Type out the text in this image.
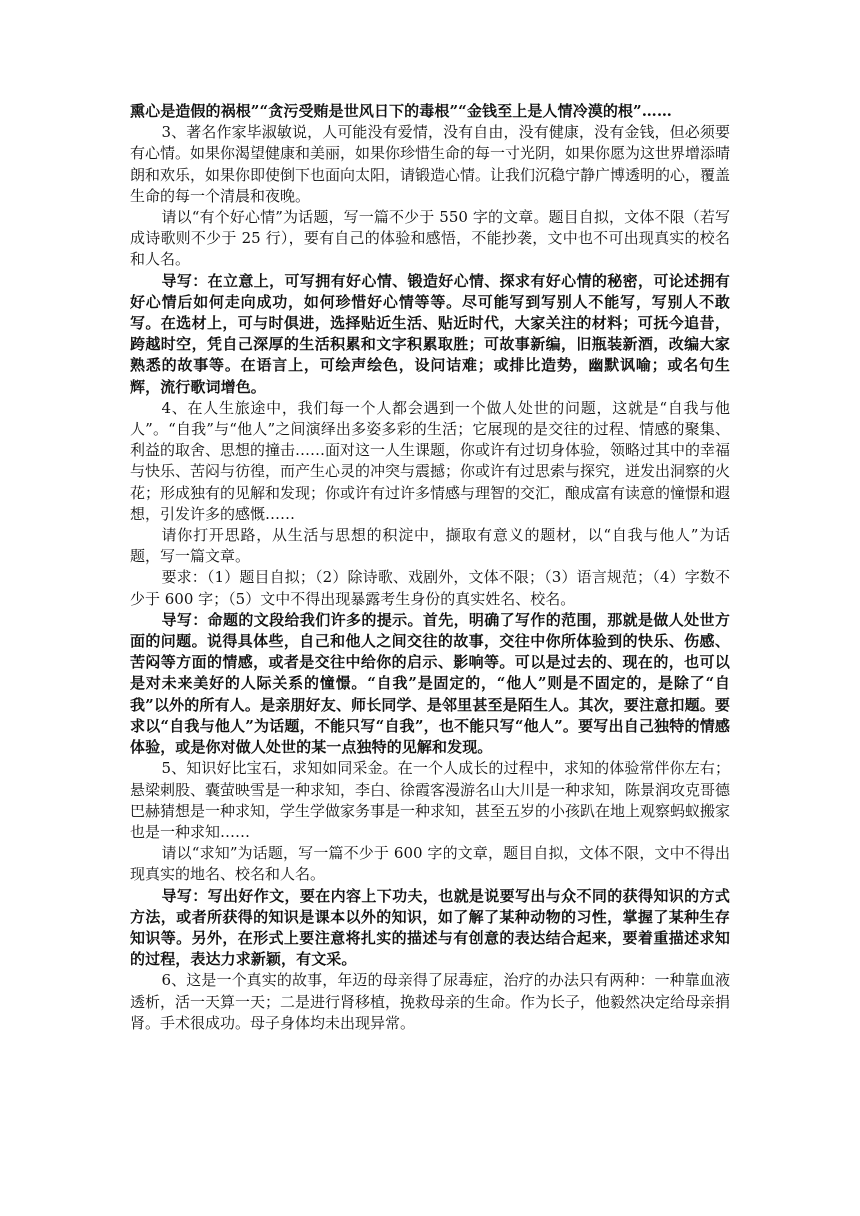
熏心是造假的祸根”“贪污受贿是世风日下的毒根”“金钱至上是人情冷漠的根”……

3、著名作家毕淑敏说，人可能没有爱情，没有自由，没有健康，没有金钱，但必须要有心情。如果你渴望健康和美丽，如果你珍惜生命的每一寸光阴，如果你愿为这世界增添晴朗和欢乐，如果你即使倒下也面向太阳，请锻造心情。让我们沉稳宁静广博透明的心，覆盖生命的每一个清晨和夜晚。

请以“有个好心情”为话题，写一篇不少于 550 字的文章。题目自拟，文体不限（若写成诗歌则不少于 25 行），要有自己的体验和感悟，不能抄袭，文中也不可出现真实的校名和人名。

导写：在立意上，可写拥有好心情、锻造好心情、探求有好心情的秘密，可论述拥有好心情后如何走向成功，如何珍惜好心情等等。尽可能写到写别人不能写，写别人不敢写。在选材上，可与时俱进，选择贴近生活、贴近时代，大家关注的材料；可抚今追昔，跨越时空，凭自己深厚的生活积累和文字积累取胜；可故事新编，旧瓶装新酒，改编大家熟悉的故事等。在语言上，可绘声绘色，设问诘难；或排比造势，幽默讽喻；或名句生辉，流行歌词增色。

4、在人生旅途中，我们每一个人都会遇到一个做人处世的问题，这就是“自我与他人”。“自我”与“他人”之间演绎出多姿多彩的生活；它展现的是交往的过程、情感的聚集、利益的取舍、思想的撞击……面对这一人生课题，你或许有过切身体验，领略过其中的幸福与快乐、苦闷与彷徨，而产生心灵的冲突与震撼；你或许有过思索与探究，迸发出洞察的火花；形成独有的见解和发现；你或许有过许多情感与理智的交汇，酿成富有读意的憧憬和遐想，引发许多的感慨……

请你打开思路，从生活与思想的积淀中，撷取有意义的题材，以“自我与他人”为话题，写一篇文章。

要求：（1）题目自拟；（2）除诗歌、戏剧外，文体不限；（3）语言规范；（4）字数不少于 600 字；（5）文中不得出现暴露考生身份的真实姓名、校名。

导写：命题的文段给我们许多的提示。首先，明确了写作的范围，那就是做人处世方面的问题。说得具体些，自己和他人之间交往的故事，交往中你所体验到的快乐、伤感、苦闷等方面的情感，或者是交往中给你的启示、影响等。可以是过去的、现在的，也可以是对未来美好的人际关系的憧憬。“自我”是固定的，“他人”则是不固定的，是除了“自我”以外的所有人。是亲朋好友、师长同学、是邻里甚至是陌生人。其次，要注意扣题。要求以“自我与他人”为话题，不能只写“自我”，也不能只写“他人”。要写出自己独特的情感体验，或是你对做人处世的某一点独特的见解和发现。

5、知识好比宝石，求知如同采金。在一个人成长的过程中，求知的体验常伴你左右；悬梁刺股、囊萤映雪是一种求知，李白、徐霞客漫游名山大川是一种求知，陈景润攻克哥德巴赫猜想是一种求知，学生学做家务事是一种求知，甚至五岁的小孩趴在地上观察蚂蚁搬家也是一种求知……

请以“求知”为话题，写一篇不少于 600 字的文章，题目自拟，文体不限，文中不得出现真实的地名、校名和人名。

导写：写出好作文，要在内容上下功夫，也就是说要写出与众不同的获得知识的方式方法，或者所获得的知识是课本以外的知识，如了解了某种动物的习性，掌握了某种生存知识等。另外，在形式上要注意将扎实的描述与有创意的表达结合起来，要着重描述求知的过程，表达力求新颖，有文采。

6、这是一个真实的故事，年迈的母亲得了尿毒症，治疗的办法只有两种：一种靠血液透析，活一天算一天；二是进行肾移植，挽救母亲的生命。作为长子，他毅然决定给母亲捐肾。手术很成功。母子身体均未出现异常。
